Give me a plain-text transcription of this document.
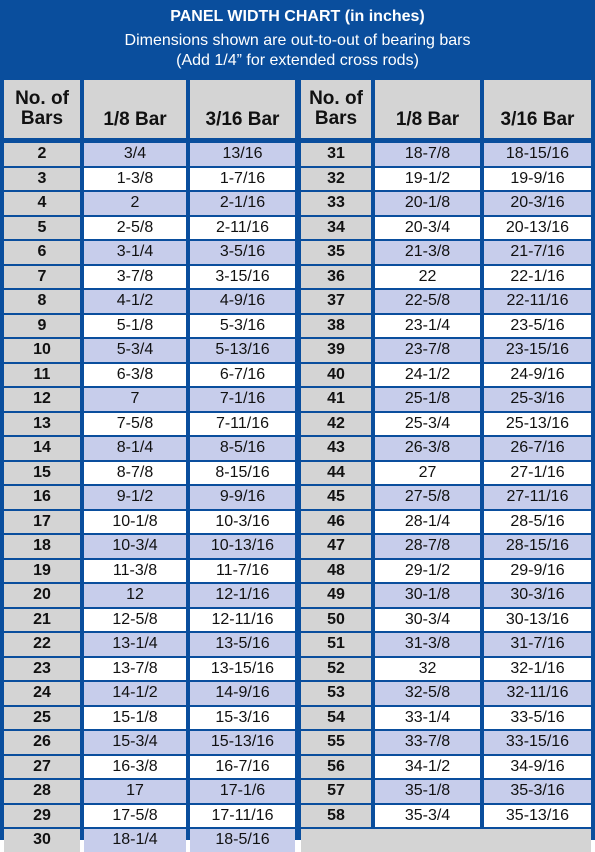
PANEL WIDTH CHART (in inches)
Dimensions shown are out-to-out of bearing bars
(Add 1/4” for extended cross rods)
No. of
Bars	1/8 Bar	3/16 Bar
No. of
Bars	1/8 Bar	3/16 Bar
2	3/4	13/16
3	1-3/8	1-7/16
4	2	2-1/16
5	2-5/8	2-11/16
6	3-1/4	3-5/16
7	3-7/8	3-15/16
8	4-1/2	4-9/16
9	5-1/8	5-3/16
10	5-3/4	5-13/16
11	6-3/8	6-7/16
12	7	7-1/16
13	7-5/8	7-11/16
14	8-1/4	8-5/16
15	8-7/8	8-15/16
16	9-1/2	9-9/16
17	10-1/8	10-3/16
18	10-3/4	10-13/16
19	11-3/8	11-7/16
20	12	12-1/16
21	12-5/8	12-11/16
22	13-1/4	13-5/16
23	13-7/8	13-15/16
24	14-1/2	14-9/16
25	15-1/8	15-3/16
26	15-3/4	15-13/16
27	16-3/8	16-7/16
28	17	17-1/6
29	17-5/8	17-11/16
30	18-1/4	18-5/16
31	18-7/8	18-15/16
32	19-1/2	19-9/16
33	20-1/8	20-3/16
34	20-3/4	20-13/16
35	21-3/8	21-7/16
36	22	22-1/16
37	22-5/8	22-11/16
38	23-1/4	23-5/16
39	23-7/8	23-15/16
40	24-1/2	24-9/16
41	25-1/8	25-3/16
42	25-3/4	25-13/16
43	26-3/8	26-7/16
44	27	27-1/16
45	27-5/8	27-11/16
46	28-1/4	28-5/16
47	28-7/8	28-15/16
48	29-1/2	29-9/16
49	30-1/8	30-3/16
50	30-3/4	30-13/16
51	31-3/8	31-7/16
52	32	32-1/16
53	32-5/8	32-11/16
54	33-1/4	33-5/16
55	33-7/8	33-15/16
56	34-1/2	34-9/16
57	35-1/8	35-3/16
58	35-3/4	35-13/16
